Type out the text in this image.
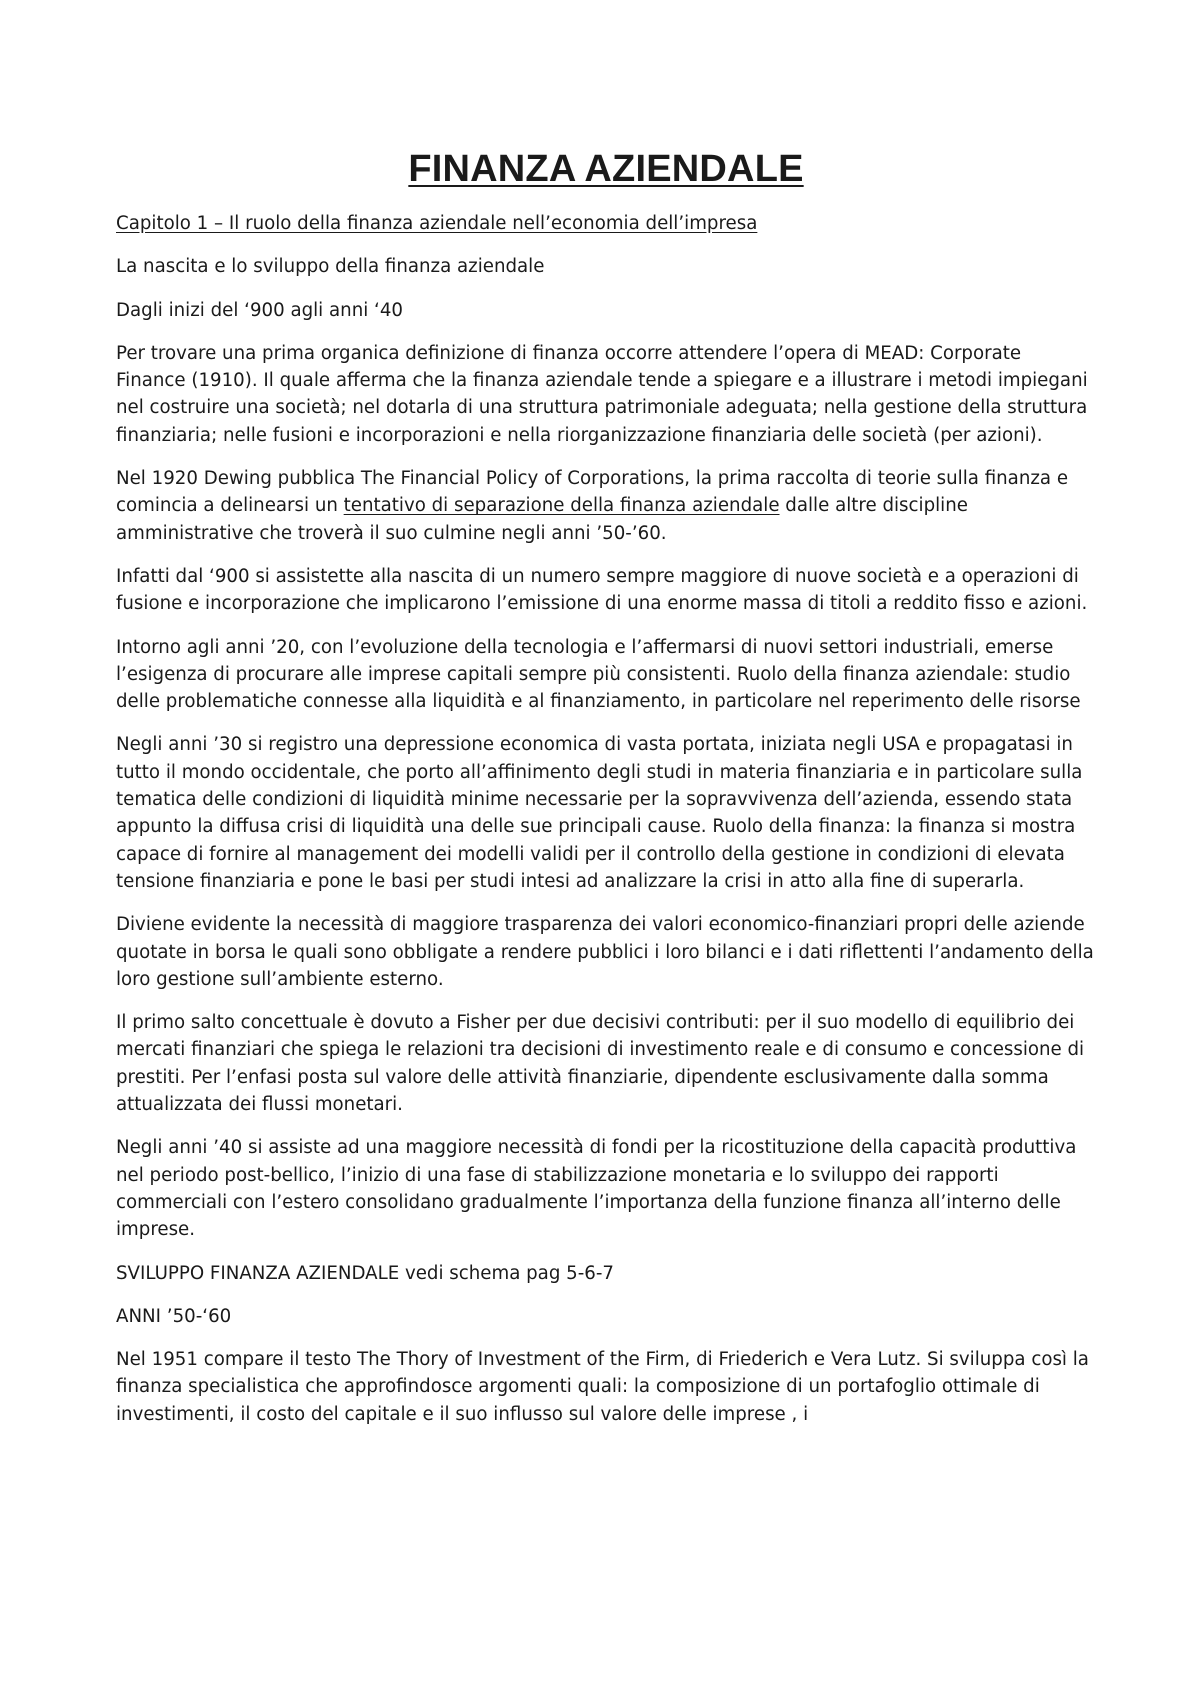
FINANZA AZIENDALE

Capitolo 1 – Il ruolo della finanza aziendale nell’economia dell’impresa

La nascita e lo sviluppo della finanza aziendale

Dagli inizi del ‘900 agli anni ‘40

Per trovare una prima organica definizione di finanza occorre attendere l’opera di MEAD: Corporate Finance (1910). Il quale afferma che la finanza aziendale tende a spiegare e a illustrare i metodi impiegani nel costruire una società; nel dotarla di una struttura patrimoniale adeguata; nella gestione della struttura finanziaria; nelle fusioni e incorporazioni e nella riorganizzazione finanziaria delle società (per azioni).

Nel 1920 Dewing pubblica The Financial Policy of Corporations, la prima raccolta di teorie sulla finanza e comincia a delinearsi un tentativo di separazione della finanza aziendale dalle altre discipline amministrative che troverà il suo culmine negli anni ’50-’60.

Infatti dal ‘900 si assistette alla nascita di un numero sempre maggiore di nuove società e a operazioni di fusione e incorporazione che implicarono l’emissione di una enorme massa di titoli a reddito fisso e azioni.

Intorno agli anni ’20, con l’evoluzione della tecnologia e l’affermarsi di nuovi settori industriali, emerse l’esigenza di procurare alle imprese capitali sempre più consistenti. Ruolo della finanza aziendale: studio delle problematiche connesse alla liquidità e al finanziamento, in particolare nel reperimento delle risorse

Negli anni ’30 si registro una depressione economica di vasta portata, iniziata negli USA e propagatasi in tutto il mondo occidentale, che porto all’affinimento degli studi in materia finanziaria e in particolare sulla tematica delle condizioni di liquidità minime necessarie per la sopravvivenza dell’azienda, essendo stata appunto la diffusa crisi di liquidità una delle sue principali cause. Ruolo della finanza: la finanza si mostra capace di fornire al management dei modelli validi per il controllo della gestione in condizioni di elevata tensione finanziaria e pone le basi per studi intesi ad analizzare la crisi in atto alla fine di superarla.

Diviene evidente la necessità di maggiore trasparenza dei valori economico-finanziari propri delle aziende quotate in borsa le quali sono obbligate a rendere pubblici i loro bilanci e i dati riflettenti l’andamento della loro gestione sull’ambiente esterno.

Il primo salto concettuale è dovuto a Fisher per due decisivi contributi: per il suo modello di equilibrio dei mercati finanziari che spiega le relazioni tra decisioni di investimento reale e di consumo e concessione di prestiti. Per l’enfasi posta sul valore delle attività finanziarie, dipendente esclusivamente dalla somma attualizzata dei flussi monetari.

Negli anni ’40 si assiste ad una maggiore necessità di fondi per la ricostituzione della capacità produttiva nel periodo post-bellico, l’inizio di una fase di stabilizzazione monetaria e lo sviluppo dei rapporti commerciali con l’estero consolidano gradualmente l’importanza della funzione finanza all’interno delle imprese.

SVILUPPO FINANZA AZIENDALE vedi schema pag 5-6-7

ANNI ’50-‘60

Nel 1951 compare il testo The Thory of Investment of the Firm, di Friederich e Vera Lutz. Si sviluppa così la finanza specialistica che approfindosce argomenti quali: la composizione di un portafoglio ottimale di investimenti, il costo del capitale e il suo influsso sul valore delle imprese , i
